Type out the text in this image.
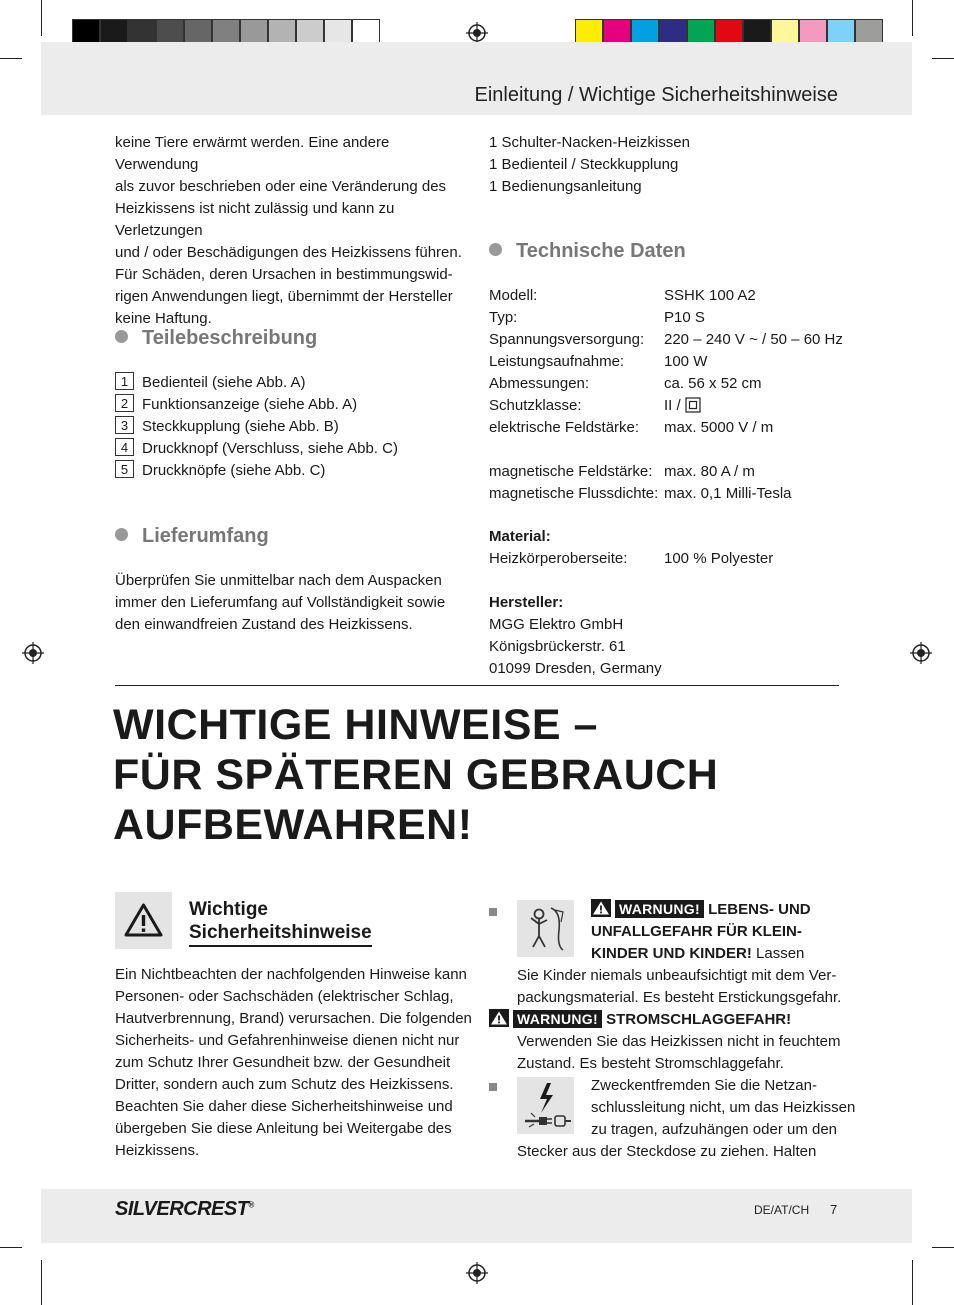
Einleitung / Wichtige Sicherheitshinweise
keine Tiere erwärmt werden. Eine andere Verwendung
als zuvor beschrieben oder eine Veränderung des
Heizkissens ist nicht zulässig und kann zu Verletzungen
und / oder Beschädigungen des Heizkissens führen.
Für Schäden, deren Ursachen in bestimmungswid-
rigen Anwendungen liegt, übernimmt der Hersteller
keine Haftung.
Teilebeschreibung
1 Bedienteil (siehe Abb. A)
2 Funktionsanzeige (siehe Abb. A)
3 Steckkupplung (siehe Abb. B)
4 Druckknopf (Verschluss, siehe Abb. C)
5 Druckknöpfe (siehe Abb. C)
Lieferumfang
Überprüfen Sie unmittelbar nach dem Auspacken
immer den Lieferumfang auf Vollständigkeit sowie
den einwandfreien Zustand des Heizkissens.
1 Schulter-Nacken-Heizkissen
1 Bedienteil / Steckkupplung
1 Bedienungsanleitung
Technische Daten
Modell:	SSHK 100 A2
Typ:	P10 S
Spannungsversorgung:	220 – 240 V ~ / 50 – 60 Hz
Leistungsaufnahme:	100 W
Abmessungen:	ca. 56 x 52 cm
Schutzklasse:	II /
elektrische Feldstärke:	max. 5000 V / m
magnetische Feldstärke: max. 80 A / m
magnetische Flussdichte: max. 0,1 Milli-Tesla
Material:
Heizkörperoberseite:	100 % Polyester
Hersteller:
MGG Elektro GmbH
Königsbrückerstr. 61
01099 Dresden, Germany
WICHTIGE HINWEISE –
FÜR SPÄTEREN GEBRAUCH
AUFBEWAHREN!
Wichtige
Sicherheitshinweise
Ein Nichtbeachten der nachfolgenden Hinweise kann
Personen- oder Sachschäden (elektrischer Schlag,
Hautverbrennung, Brand) verursachen. Die folgenden
Sicherheits- und Gefahrenhinweise dienen nicht nur
zum Schutz Ihrer Gesundheit bzw. der Gesundheit
Dritter, sondern auch zum Schutz des Heizkissens.
Beachten Sie daher diese Sicherheitshinweise und
übergeben Sie diese Anleitung bei Weitergabe des
Heizkissens.
WARNUNG! LEBENS- UND
UNFALLGEFAHR FÜR KLEIN-
KINDER UND KINDER! Lassen
Sie Kinder niemals unbeaufsichtigt mit dem Ver-
packungsmaterial. Es besteht Erstickungsgefahr.
WARNUNG! STROMSCHLAGGEFAHR!
Verwenden Sie das Heizkissen nicht in feuchtem
Zustand. Es besteht Stromschlaggefahr.
Zweckentfremden Sie die Netzan-
schlussleitung nicht, um das Heizkissen
zu tragen, aufzuhängen oder um den
Stecker aus der Steckdose zu ziehen. Halten
SILVERCREST®	DE/AT/CH 7
